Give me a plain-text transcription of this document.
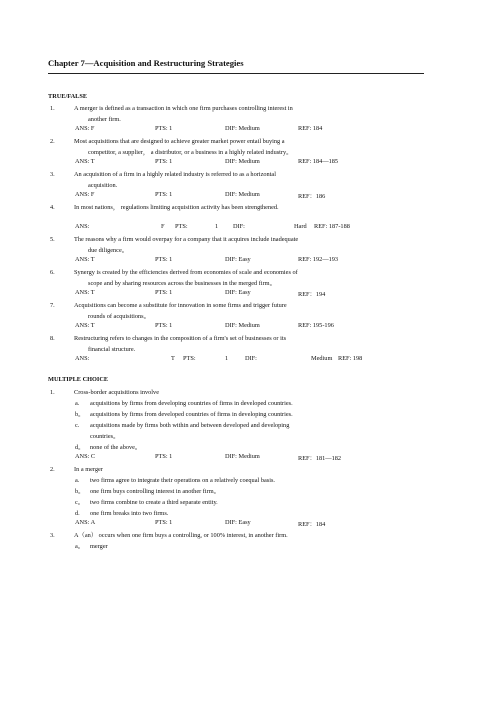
Chapter 7—Acquisition and Restructuring Strategies
TRUE/FALSE
1.	A merger is defined as a transaction in which one firm purchases controlling interest in
another firm.
ANS: F	PTS: 1	DIF: Medium	REF: 184
2.	Most acquisitions that are designed to achieve greater market power entail buying a
competitor, a supplier， a distributor, or a business in a highly related industry。
ANS: T	PTS: 1	DIF: Medium	REF: 184—185
3.	An acquisition of a firm in a highly related industry is referred to as a horizontal
acquisition.
ANS: F	PTS: 1	DIF: Medium	REF：186
4.	In most nations， regulations limiting acquisition activity has been strengthened.
ANS:	F PTS:	1 DIF:	Hard REF: 187-188
5.	The reasons why a firm would overpay for a company that it acquires include inadequate
due diligence。
ANS: T	PTS: 1	DIF: Easy	REF: 192—193
6.	Synergy is created by the efficiencies derived from economies of scale and economies of
scope and by sharing resources across the businesses in the merged firm。
ANS: T	PTS: 1	DIF: Easy	REF：194
7.	Acquisitions can become a substitute for innovation in some firms and trigger future
rounds of acquisitions。
ANS: T	PTS: 1	DIF: Medium	REF: 195-196
8.	Restructuring refers to changes in the composition of a firm's set of businesses or its
financial structure.
ANS:	T PTS:	1	DIF:	Medium REF: 198
MULTIPLE CHOICE
1.	Cross-border acquisitions involve
a. acquisitions by firms from developing countries of firms in developed countries.
b。 acquisitions by firms from developed countries of firms in developing countries.
c. acquisitions made by firms both within and between developed and developing
countries。
d。 none of the above。
ANS: C	PTS: 1	DIF: Medium	REF：181—182
2.	In a merger
a. two firms agree to integrate their operations on a relatively coequal basis.
b。 one firm buys controlling interest in another firm。
c。 two firms combine to create a third separate entity.
d. one firm breaks into two firms.
ANS: A	PTS: 1	DIF: Easy	REF：184
3.	A（an） occurs when one firm buys a controlling, or 100% interest, in another firm.
a。 merger
